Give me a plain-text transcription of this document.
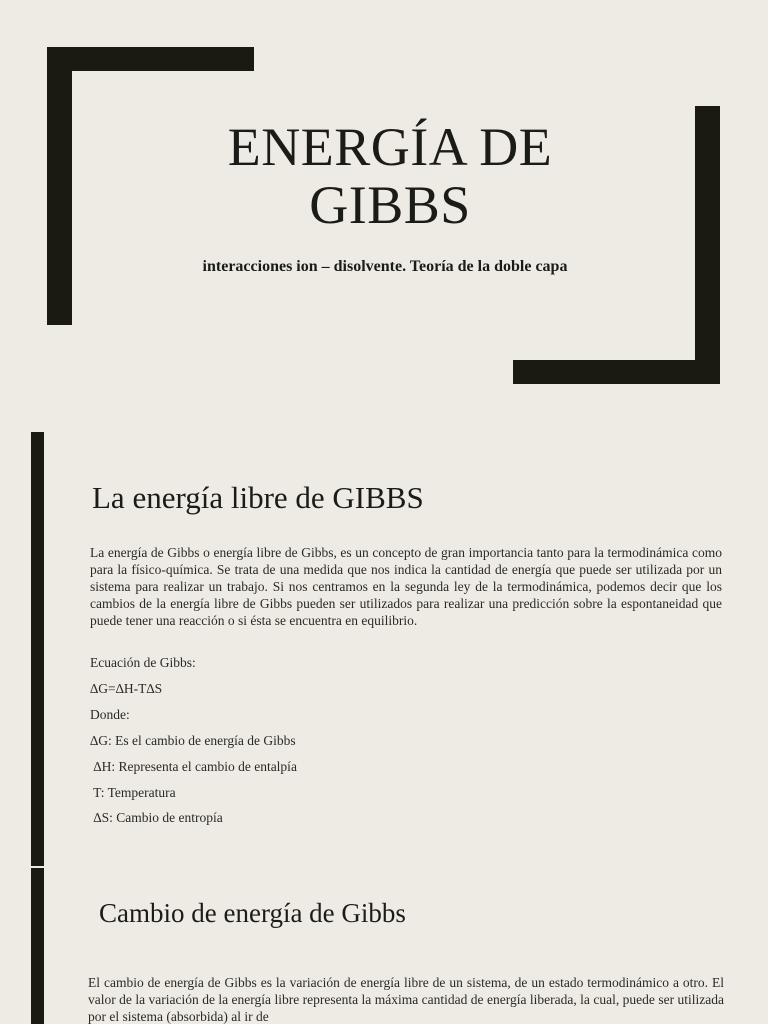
ENERGÍA DE
GIBBS

interacciones ion – disolvente. Teoría de la doble capa

La energía libre de GIBBS

La energía de Gibbs o energía libre de Gibbs, es un concepto de gran importancia tanto para la termodinámica como para la físico-química. Se trata de una medida que nos indica la cantidad de energía que puede ser utilizada por un sistema para realizar un trabajo. Si nos centramos en la segunda ley de la termodinámica, podemos decir que los cambios de la energía libre de Gibbs pueden ser utilizados para realizar una predicción sobre la espontaneidad que puede tener una reacción o si ésta se encuentra en equilibrio.

Ecuación de Gibbs:

∆G=∆H-T∆S

Donde:

∆G: Es el cambio de energía de Gibbs

∆H: Representa el cambio de entalpía

T: Temperatura

∆S: Cambio de entropía

Cambio de energía de Gibbs

El cambio de energía de Gibbs es la variación de energía libre de un sistema, de un estado termodinámico a otro. El valor de la variación de la energía libre representa la máxima cantidad de energía liberada, la cual, puede ser utilizada por el sistema (absorbida) al ir de
